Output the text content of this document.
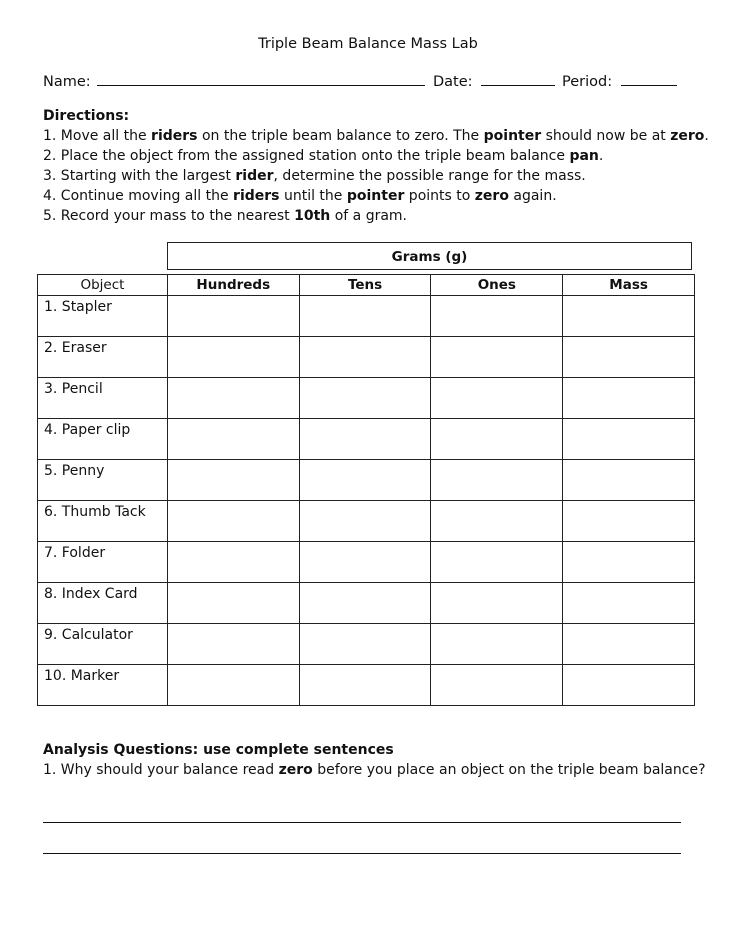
Triple Beam Balance Mass Lab
Name:	Date:	Period:
Directions:
1. Move all the riders on the triple beam balance to zero. The pointer should now be at zero.
2. Place the object from the assigned station onto the triple beam balance pan.
3. Starting with the largest rider, determine the possible range for the mass.
4. Continue moving all the riders until the pointer points to zero again.
5. Record your mass to the nearest 10th of a gram.
Grams (g)
Object	Hundreds	Tens	Ones	Mass
1. Stapler				
2. Eraser				
3. Pencil				
4. Paper clip				
5. Penny				
6. Thumb Tack				
7. Folder				
8. Index Card				
9. Calculator				
10. Marker				
Analysis Questions: use complete sentences
1. Why should your balance read zero before you place an object on the triple beam balance?
